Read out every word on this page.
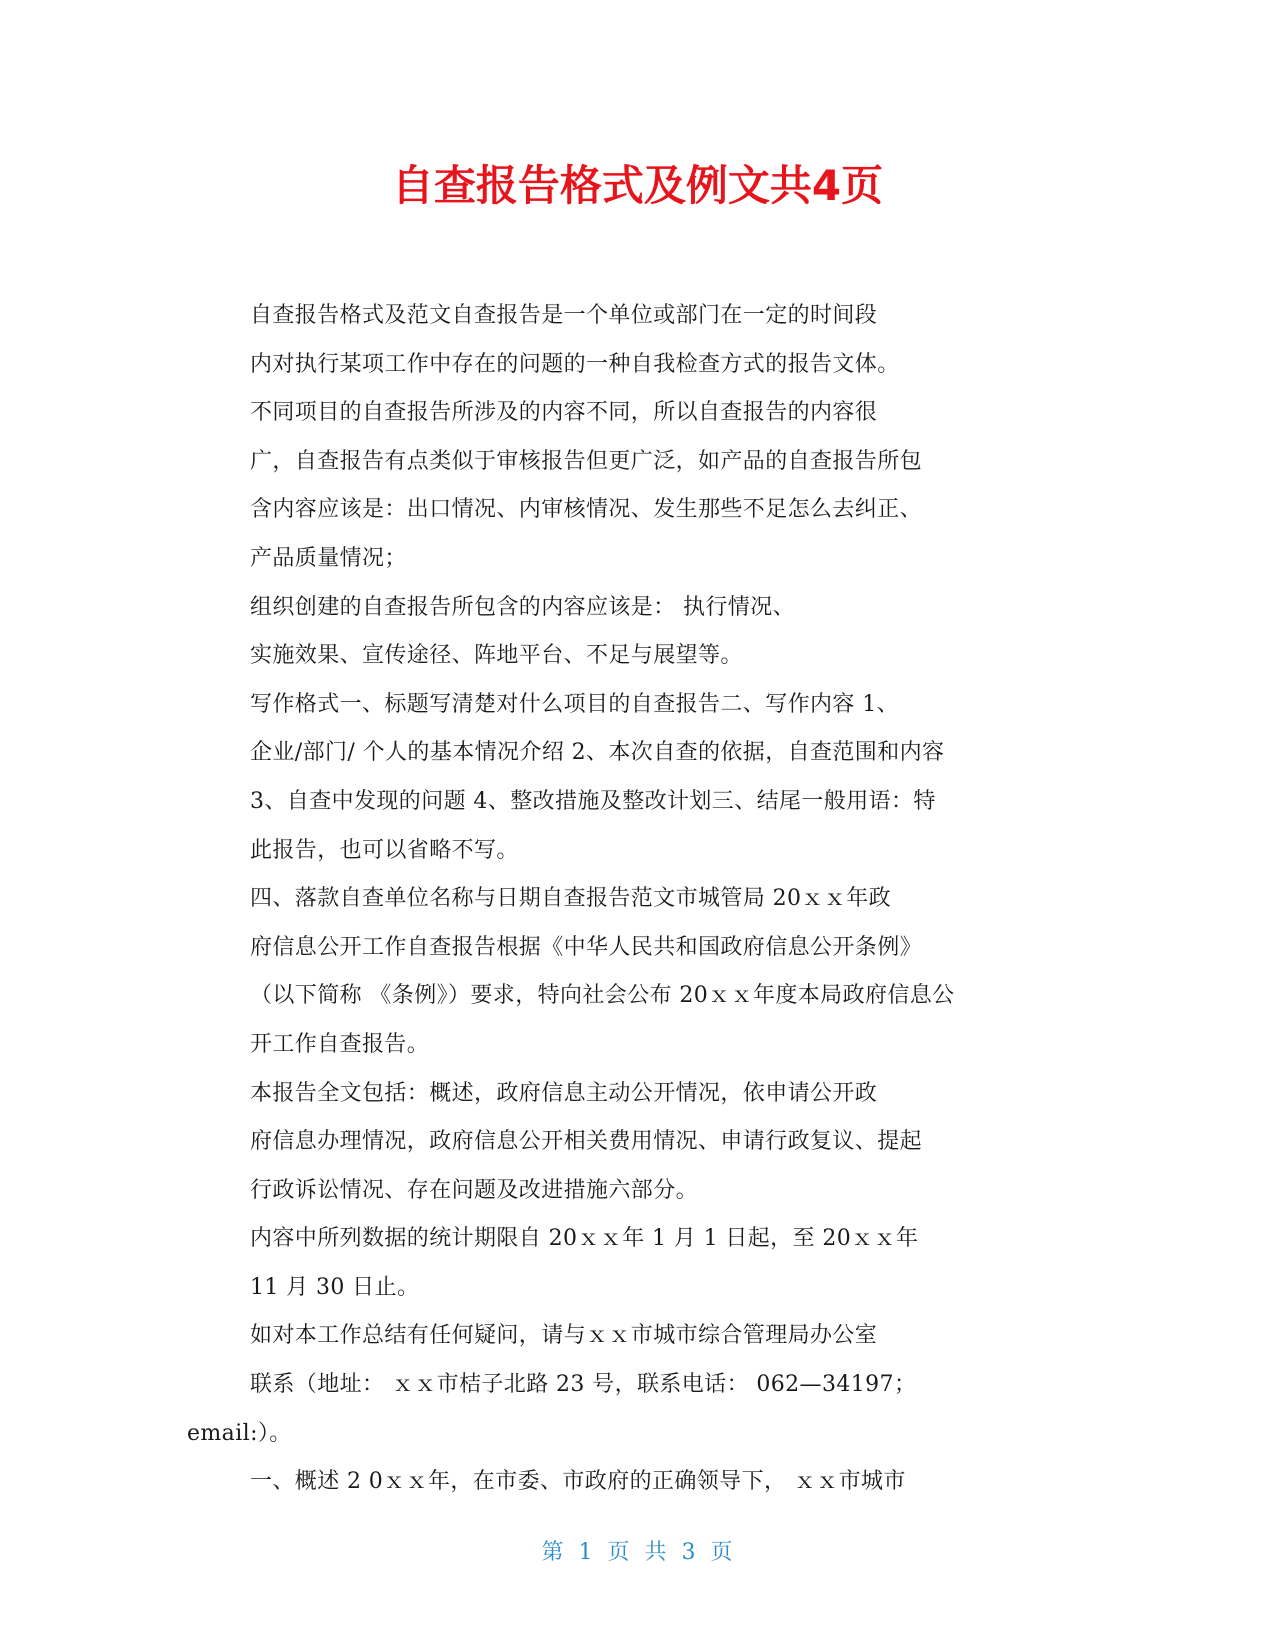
自查报告格式及例文共4页
自查报告格式及范文自查报告是一个单位或部门在一定的时间段
内对执行某项工作中存在的问题的一种自我检查方式的报告文体。
不同项目的自查报告所涉及的内容不同，所以自查报告的内容很
广，自查报告有点类似于审核报告但更广泛，如产品的自查报告所包
含内容应该是：出口情况、内审核情况、发生那些不足怎么去纠正、
产品质量情况；
组织创建的自查报告所包含的内容应该是： 执行情况、
实施效果、宣传途径、阵地平台、不足与展望等。
写作格式一、标题写清楚对什么项目的自查报告二、写作内容 1、
企业/部门/ 个人的基本情况介绍 2、本次自查的依据，自查范围和内容
3、自查中发现的问题 4、整改措施及整改计划三、结尾一般用语：特
此报告，也可以省略不写。
四、落款自查单位名称与日期自查报告范文市城管局 20ｘｘ年政
府信息公开工作自查报告根据《中华人民共和国政府信息公开条例》
（以下简称 《条例》）要求，特向社会公布 20ｘｘ年度本局政府信息公
开工作自查报告。
本报告全文包括：概述，政府信息主动公开情况，依申请公开政
府信息办理情况，政府信息公开相关费用情况、申请行政复议、提起
行政诉讼情况、存在问题及改进措施六部分。
内容中所列数据的统计期限自 20ｘｘ年 1 月 1 日起，至 20ｘｘ年
11 月 30 日止。
如对本工作总结有任何疑问，请与ｘｘ市城市综合管理局办公室
联系（地址： ｘｘ市桔子北路 23 号，联系电话： 062—34197；
email:）。
一、概述 2 0ｘｘ年，在市委、市政府的正确领导下， ｘｘ市城市
第 1 页 共 3 页
